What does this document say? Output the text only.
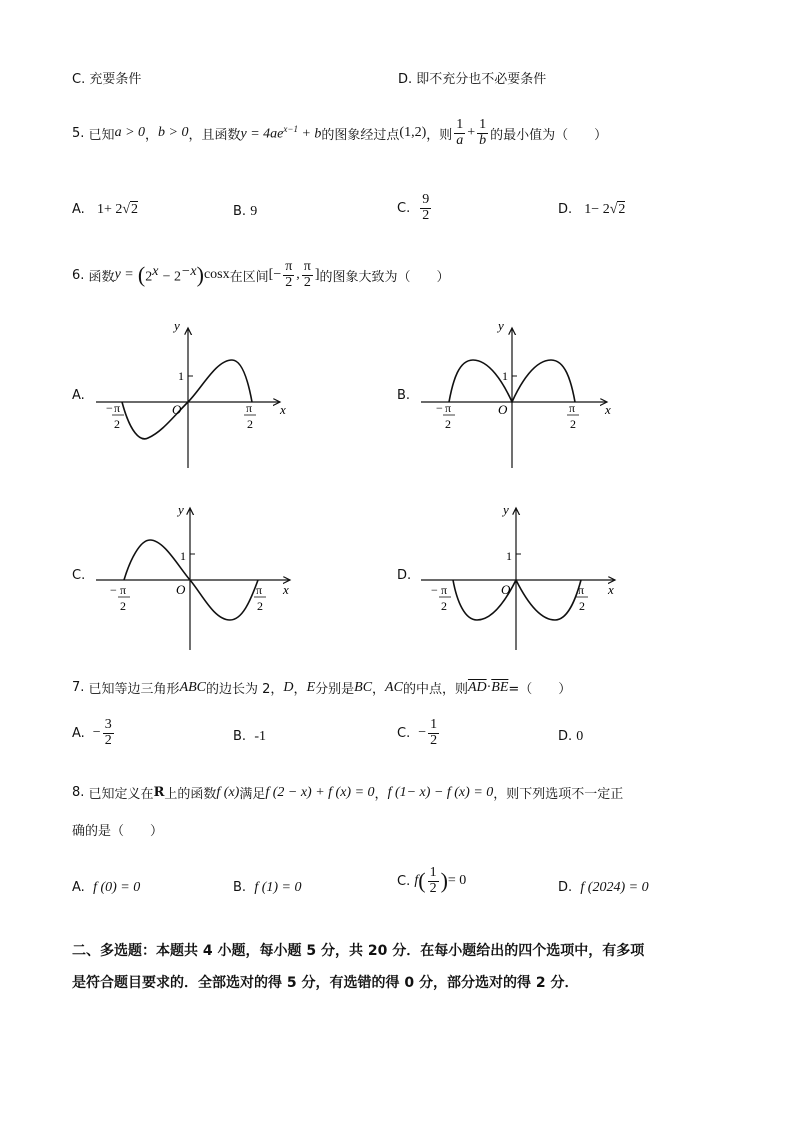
C. 充要条件	D. 即不充分也不必要条件
5.
已知 a > 0 ， b > 0 ，且函数 $y = 4ae^{x-1} + b$ 的图象经过点 (1,2) ，则 $\frac{1}{a} + \frac{1}{b}$ 的最小值为（　　）
A. 1+ 2√2	B. 9	C. $\frac{9}{2}$	D. 1− 2√2
6.
函数 y =
( 2$^x$
− $2^{-x}$ ) cosx 在区间 [− $\frac{\pi}{2}$ , $\frac{\pi}{2}$ ] 的图象大致为（　　）
A.	B.
C.	D.
y
x
O
1
− π
2
π
2
y
x
O
1
− π
2
π
2
y
x
O
1
− π
2
π
2
y
x
O
1
− π
2
π
2
7.
已知等边三角形 ABC 的边长为 2， D ， E 分别是 BC ， AC 的中点，则 $\overline{AD} \cdot \overline{BE}$ =（　　）
A. − $\frac{3}{2}$	B. -1	C. − $\frac{1}{2}$	D. 0
8.
已知定义在 R 上的函数 f (x) 满足 f (2 − x) + f (x) = 0 ， f (1− x) − f (x) = 0 ，则下列选项不一定正
确的是（　　）
A. f (0) = 0	B. f (1) = 0	C.
f ( $\frac{1}{2}$ ) = 0	D. f (2024) = 0
二、多选题：本题共 4 小题，每小题 5 分，共 20 分．在每小题给出的四个选项中，有多项
是符合题目要求的．全部选对的得 5 分，有选错的得 0 分，部分选对的得 2 分．
